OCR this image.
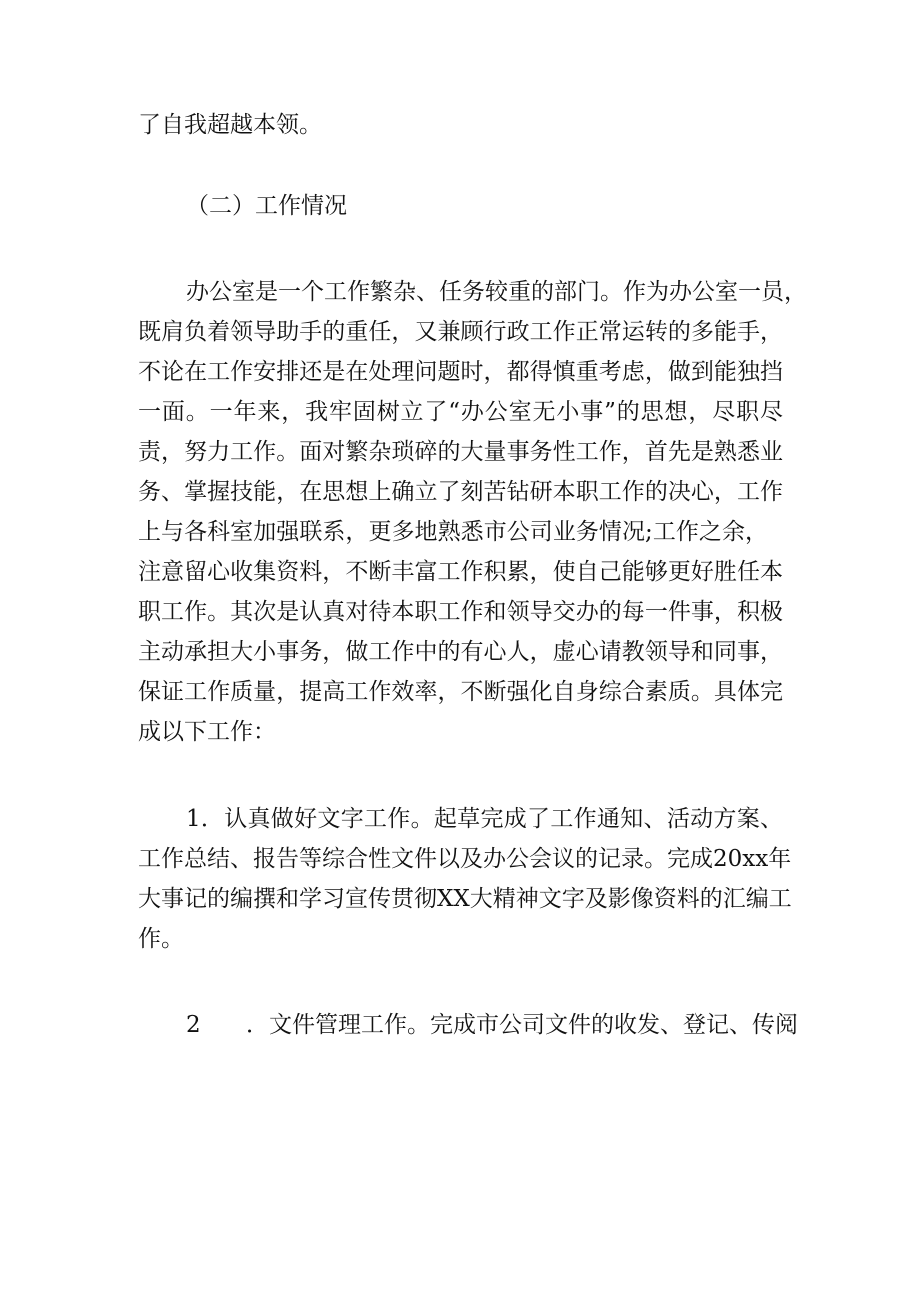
了自我超越本领。
（二）工作情况
办公室是一个工作繁杂、任务较重的部门。作为办公室一员，
既肩负着领导助手的重任，又兼顾行政工作正常运转的多能手，
不论在工作安排还是在处理问题时，都得慎重考虑，做到能独挡
一面。一年来，我牢固树立了“办公室无小事”的思想，尽职尽
责，努力工作。面对繁杂琐碎的大量事务性工作，首先是熟悉业
务、掌握技能，在思想上确立了刻苦钻研本职工作的决心，工作
上与各科室加强联系，更多地熟悉市公司业务情况;工作之余，
注意留心收集资料，不断丰富工作积累，使自己能够更好胜任本
职工作。其次是认真对待本职工作和领导交办的每一件事，积极
主动承担大小事务，做工作中的有心人，虚心请教领导和同事，
保证工作质量，提高工作效率，不断强化自身综合素质。具体完
成以下工作：
1．认真做好文字工作。起草完成了工作通知、活动方案、
工作总结、报告等综合性文件以及办公会议的记录。完成20xx年
大事记的编撰和学习宣传贯彻XX大精神文字及影像资料的汇编工
作。
2 ．文件管理工作。完成市公司文件的收发、登记、传阅
